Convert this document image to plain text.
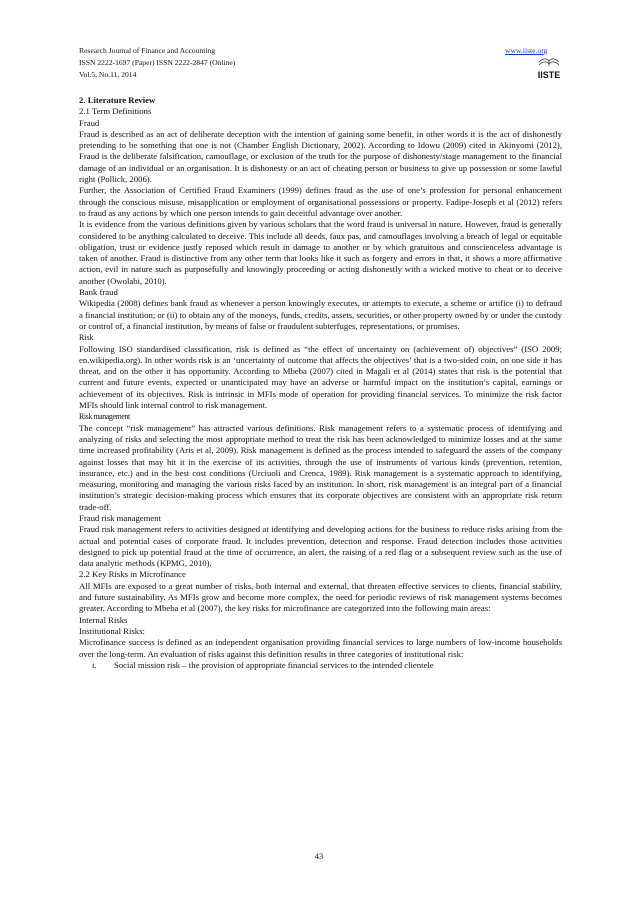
Research Journal of Finance and Accounting
ISSN 2222-1697 (Paper) ISSN 2222-2847 (Online)
Vol.5, No.11, 2014
www.iiste.org
IISTE

2. Literature Review

2.1 Term Definitions

Fraud

Fraud is described as an act of deliberate deception with the intention of gaining some benefit, in other words it is the act of dishonestly pretending to be something that one is not (Chamber English Dictionary, 2002). According to Idowu (2009) cited in Akinyomi (2012), Fraud is the deliberate falsification, camouflage, or exclusion of the truth for the purpose of dishonesty/stage management to the financial damage of an individual or an organisation. It is dishonesty or an act of cheating person or business to give up possession or some lawful right (Pollick, 2006).

Further, the Association of Certified Fraud Examiners (1999) defines fraud as the use of one’s profession for personal enhancement through the conscious misuse, misapplication or employment of organisational possessions or property. Fadipe-Joseph et al (2012) refers to fraud as any actions by which one person intends to gain deceitful advantage over another.

It is evidence from the various definitions given by various scholars that the word fraud is universal in nature. However, fraud is generally considered to be anything calculated to deceive. This include all deeds, faux pas, and camouflages involving a breach of legal or equitable obligation, trust or evidence justly reposed which result in damage to another or by which gratuitous and conscienceless advantage is taken of another. Fraud is distinctive from any other term that looks like it such as forgery and errors in that, it shows a more affirmative action, evil in nature such as purposefully and knowingly proceeding or acting dishonestly with a wicked motive to cheat or to deceive another (Owolabi, 2010).

Bank fraud

Wikipedia (2008) defines bank fraud as whenever a person knowingly executes, or attempts to execute, a scheme or artifice (i) to defraud a financial institution; or (ii) to obtain any of the moneys, funds, credits, assets, securities, or other property owned by or under the custody or control of, a financial institution, by means of false or fraudulent subterfuges, representations, or promises.

Risk

Following ISO standardised classification, risk is defined as “the effect of uncertainty on (achievement of) objectives” (ISO 2009; en.wikipedia.org). In other words risk is an ‘uncertainty of outcome that affects the objectives’ that is a two-sided coin, on one side it has threat, and on the other it has opportunity. According to Mbeba (2007) cited in Magali et al (2014) states that risk is the potential that current and future events, expected or unanticipated may have an adverse or harmful impact on the institution’s capital, earnings or achievement of its objectives. Risk is intrinsic in MFIs mode of operation for providing financial services. To minimize the risk factor MFIs should link internal control to risk management.

Risk management

The concept “risk management” has attracted various definitions. Risk management refers to a systematic process of identifying and analyzing of risks and selecting the most appropriate method to treat the risk has been acknowledged to minimize losses and at the same time increased profitability (Aris et al, 2009). Risk management is defined as the process intended to safeguard the assets of the company against losses that may hit it in the exercise of its activities, through the use of instruments of various kinds (prevention, retention, insurance, etc.) and in the best cost conditions (Urciuoli and Crenca, 1989). Risk management is a systematic approach to identifying, measuring, monitoring and managing the various risks faced by an institution. In short, risk management is an integral part of a financial institution’s strategic decision-making process which ensures that its corporate objectives are consistent with an appropriate risk return trade-off.

Fraud risk management

Fraud risk management refers to activities designed at identifying and developing actions for the business to reduce risks arising from the actual and potential cases of corporate fraud. It includes prevention, detection and response. Fraud detection includes those activities designed to pick up potential fraud at the time of occurrence, an alert, the raising of a red flag or a subsequent review such as the use of data analytic methods (KPMG, 2010).

2.2 Key Risks in Microfinance

All MFIs are exposed to a great number of risks, both internal and external, that threaten effective services to clients, financial stability, and future sustainability. As MFIs grow and become more complex, the need for periodic reviews of risk management systems becomes greater. According to Mbeba et al (2007), the key risks for microfinance are categorized into the following main areas:

Internal Risks

Institutional Risks:

Microfinance success is defined as an independent organisation providing financial services to large numbers of low-income households over the long-term. An evaluation of risks against this definition results in three categories of institutional risk:

i.	Social mission risk – the provision of appropriate financial services to the intended clientele
43
